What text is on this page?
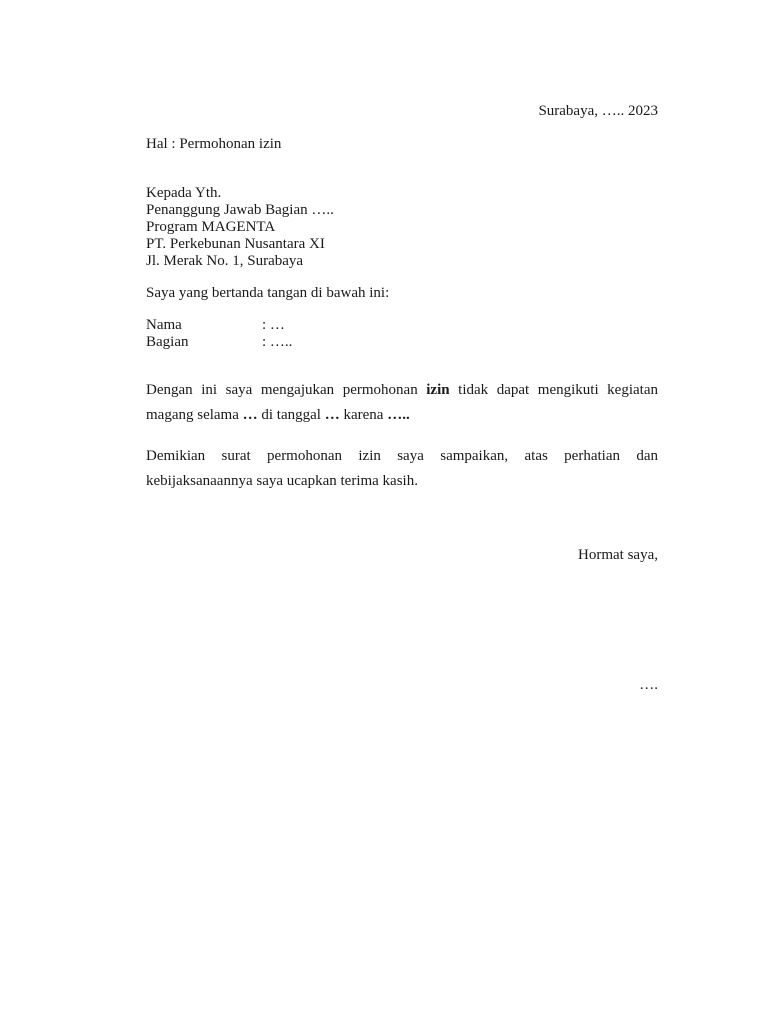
Surabaya, ….. 2023
Hal : Permohonan izin
Kepada Yth.
Penanggung Jawab Bagian …..
Program MAGENTA
PT. Perkebunan Nusantara XI
Jl. Merak No. 1, Surabaya
Saya yang bertanda tangan di bawah ini:
Nama	: …
Bagian	: …..
Dengan ini saya mengajukan permohonan izin tidak dapat mengikuti kegiatan magang selama … di tanggal … karena …..
Demikian surat permohonan izin saya sampaikan, atas perhatian dan kebijaksanaannya saya ucapkan terima kasih.
Hormat saya,
….
